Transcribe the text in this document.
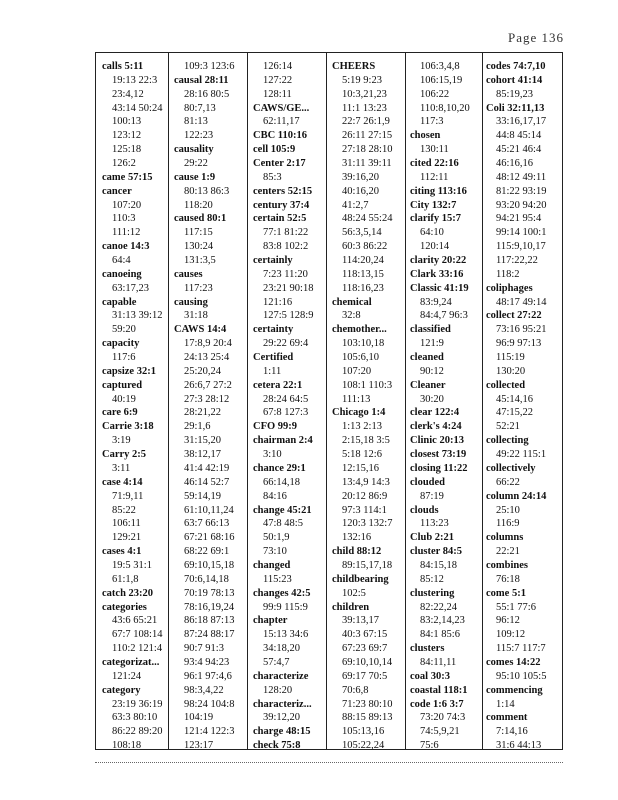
Page 136
calls 5:11
19:13 22:3
23:4,12
43:14 50:24
100:13
123:12
125:18
126:2
came 57:15
cancer
107:20
110:3
111:12
canoe 14:3
64:4
canoeing
63:17,23
capable
31:13 39:12
59:20
capacity
117:6
capsize 32:1
captured
40:19
care 6:9
Carrie 3:18
3:19
Carry 2:5
3:11
case 4:14
71:9,11
85:22
106:11
129:21
cases 4:1
19:5 31:1
61:1,8
catch 23:20
categories
43:6 65:21
67:7 108:14
110:2 121:4
categorizat...
121:24
category
23:19 36:19
63:3 80:10
86:22 89:20
108:18
109:3 123:6
causal 28:11
28:16 80:5
80:7,13
81:13
122:23
causality
29:22
cause 1:9
80:13 86:3
118:20
caused 80:1
117:15
130:24
131:3,5
causes
117:23
causing
31:18
CAWS 14:4
17:8,9 20:4
24:13 25:4
25:20,24
26:6,7 27:2
27:3 28:12
28:21,22
29:1,6
31:15,20
38:12,17
41:4 42:19
46:14 52:7
59:14,19
61:10,11,24
63:7 66:13
67:21 68:16
68:22 69:1
69:10,15,18
70:6,14,18
70:19 78:13
78:16,19,24
86:18 87:13
87:24 88:17
90:7 91:3
93:4 94:23
96:1 97:4,6
98:3,4,22
98:24 104:8
104:19
121:4 122:3
123:17
126:14
127:22
128:11
CAWS/GE...
62:11,17
CBC 110:16
cell 105:9
Center 2:17
85:3
centers 52:15
century 37:4
certain 52:5
77:1 81:22
83:8 102:2
certainly
7:23 11:20
23:21 90:18
121:16
127:5 128:9
certainty
29:22 69:4
Certified
1:11
cetera 22:1
28:24 64:5
67:8 127:3
CFO 99:9
chairman 2:4
3:10
chance 29:1
66:14,18
84:16
change 45:21
47:8 48:5
50:1,9
73:10
changed
115:23
changes 42:5
99:9 115:9
chapter
15:13 34:6
34:18,20
57:4,7
characterize
128:20
characteriz...
39:12,20
charge 48:15
check 75:8
CHEERS
5:19 9:23
10:3,21,23
11:1 13:23
22:7 26:1,9
26:11 27:15
27:18 28:10
31:11 39:11
39:16,20
40:16,20
41:2,7
48:24 55:24
56:3,5,14
60:3 86:22
114:20,24
118:13,15
118:16,23
chemical
32:8
chemother...
103:10,18
105:6,10
107:20
108:1 110:3
111:13
Chicago 1:4
1:13 2:13
2:15,18 3:5
5:18 12:6
12:15,16
13:4,9 14:3
20:12 86:9
97:3 114:1
120:3 132:7
132:16
child 88:12
89:15,17,18
childbearing
102:5
children
39:13,17
40:3 67:15
67:23 69:7
69:10,10,14
69:17 70:5
70:6,8
71:23 80:10
88:15 89:13
105:13,16
105:22,24
106:3,4,8
106:15,19
106:22
110:8,10,20
117:3
chosen
130:11
cited 22:16
112:11
citing 113:16
City 132:7
clarify 15:7
64:10
120:14
clarity 20:22
Clark 33:16
Classic 41:19
83:9,24
84:4,7 96:3
classified
121:9
cleaned
90:12
Cleaner
30:20
clear 122:4
clerk's 4:24
Clinic 20:13
closest 73:19
closing 11:22
clouded
87:19
clouds
113:23
Club 2:21
cluster 84:5
84:15,18
85:12
clustering
82:22,24
83:2,14,23
84:1 85:6
clusters
84:11,11
coal 30:3
coastal 118:1
code 1:6 3:7
73:20 74:3
74:5,9,21
75:6
codes 74:7,10
cohort 41:14
85:19,23
Coli 32:11,13
33:16,17,17
44:8 45:14
45:21 46:4
46:16,16
48:12 49:11
81:22 93:19
93:20 94:20
94:21 95:4
99:14 100:1
115:9,10,17
117:22,22
118:2
coliphages
48:17 49:14
collect 27:22
73:16 95:21
96:9 97:13
115:19
130:20
collected
45:14,16
47:15,22
52:21
collecting
49:22 115:1
collectively
66:22
column 24:14
25:10
116:9
columns
22:21
combines
76:18
come 5:1
55:1 77:6
96:12
109:12
115:7 117:7
comes 14:22
95:10 105:5
commencing
1:14
comment
7:14,16
31:6 44:13
